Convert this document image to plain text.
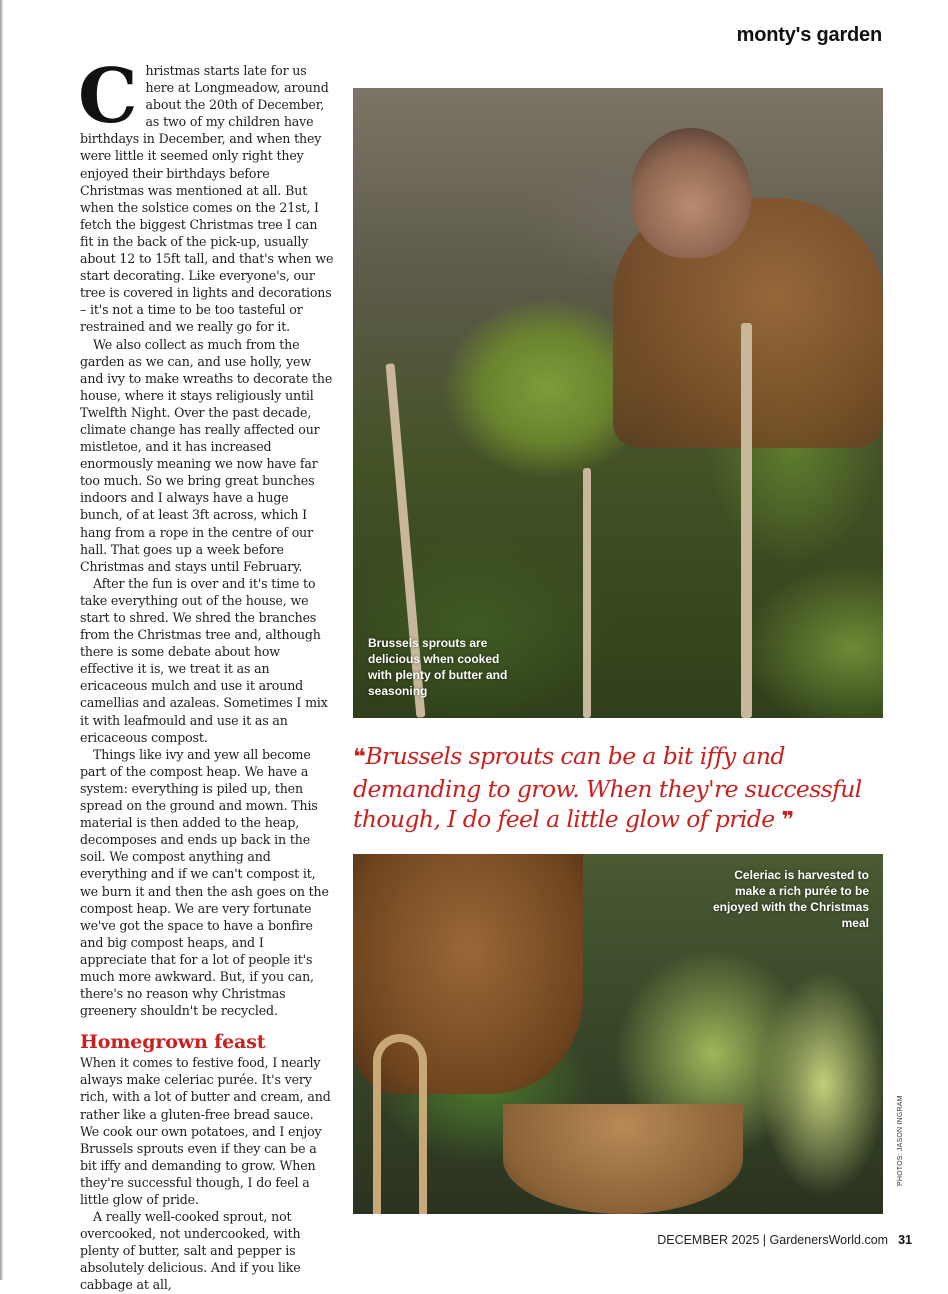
monty's garden
C hristmas starts late for us here at Longmeadow, around about the 20th of December, as two of my children have birthdays in December, and when they were little it seemed only right they enjoyed their birthdays before Christmas was mentioned at all. But when the solstice comes on the 21st, I fetch the biggest Christmas tree I can fit in the back of the pick-up, usually about 12 to 15ft tall, and that's when we start decorating. Like everyone's, our tree is covered in lights and decorations – it's not a time to be too tasteful or restrained and we really go for it.

We also collect as much from the garden as we can, and use holly, yew and ivy to make wreaths to decorate the house, where it stays religiously until Twelfth Night. Over the past decade, climate change has really affected our mistletoe, and it has increased enormously meaning we now have far too much. So we bring great bunches indoors and I always have a huge bunch, of at least 3ft across, which I hang from a rope in the centre of our hall. That goes up a week before Christmas and stays until February.

After the fun is over and it's time to take everything out of the house, we start to shred. We shred the branches from the Christmas tree and, although there is some debate about how effective it is, we treat it as an ericaceous mulch and use it around camellias and azaleas. Sometimes I mix it with leafmould and use it as an ericaceous compost.

Things like ivy and yew all become part of the compost heap. We have a system: everything is piled up, then spread on the ground and mown. This material is then added to the heap, decomposes and ends up back in the soil. We compost anything and everything and if we can't compost it, we burn it and then the ash goes on the compost heap. We are very fortunate we've got the space to have a bonfire and big compost heaps, and I appreciate that for a lot of people it's much more awkward. But, if you can, there's no reason why Christmas greenery shouldn't be recycled.

Homegrown feast

When it comes to festive food, I nearly always make celeriac purée. It's very rich, with a lot of butter and cream, and rather like a gluten-free bread sauce. We cook our own potatoes, and I enjoy Brussels sprouts even if they can be a bit iffy and demanding to grow. When they're successful though, I do feel a little glow of pride.

A really well-cooked sprout, not overcooked, not undercooked, with plenty of butter, salt and pepper is absolutely delicious. And if you like cabbage at all,

Brussels sprouts are delicious when cooked with plenty of butter and seasoning
❝Brussels sprouts can be a bit iffy and demanding to grow. When they're successful though, I do feel a little glow of pride ❞
Celeriac is harvested to make a rich purée to be enjoyed with the Christmas meal
PHOTOS: JASON INGRAM
DECEMBER 2025 | GardenersWorld.com 31
